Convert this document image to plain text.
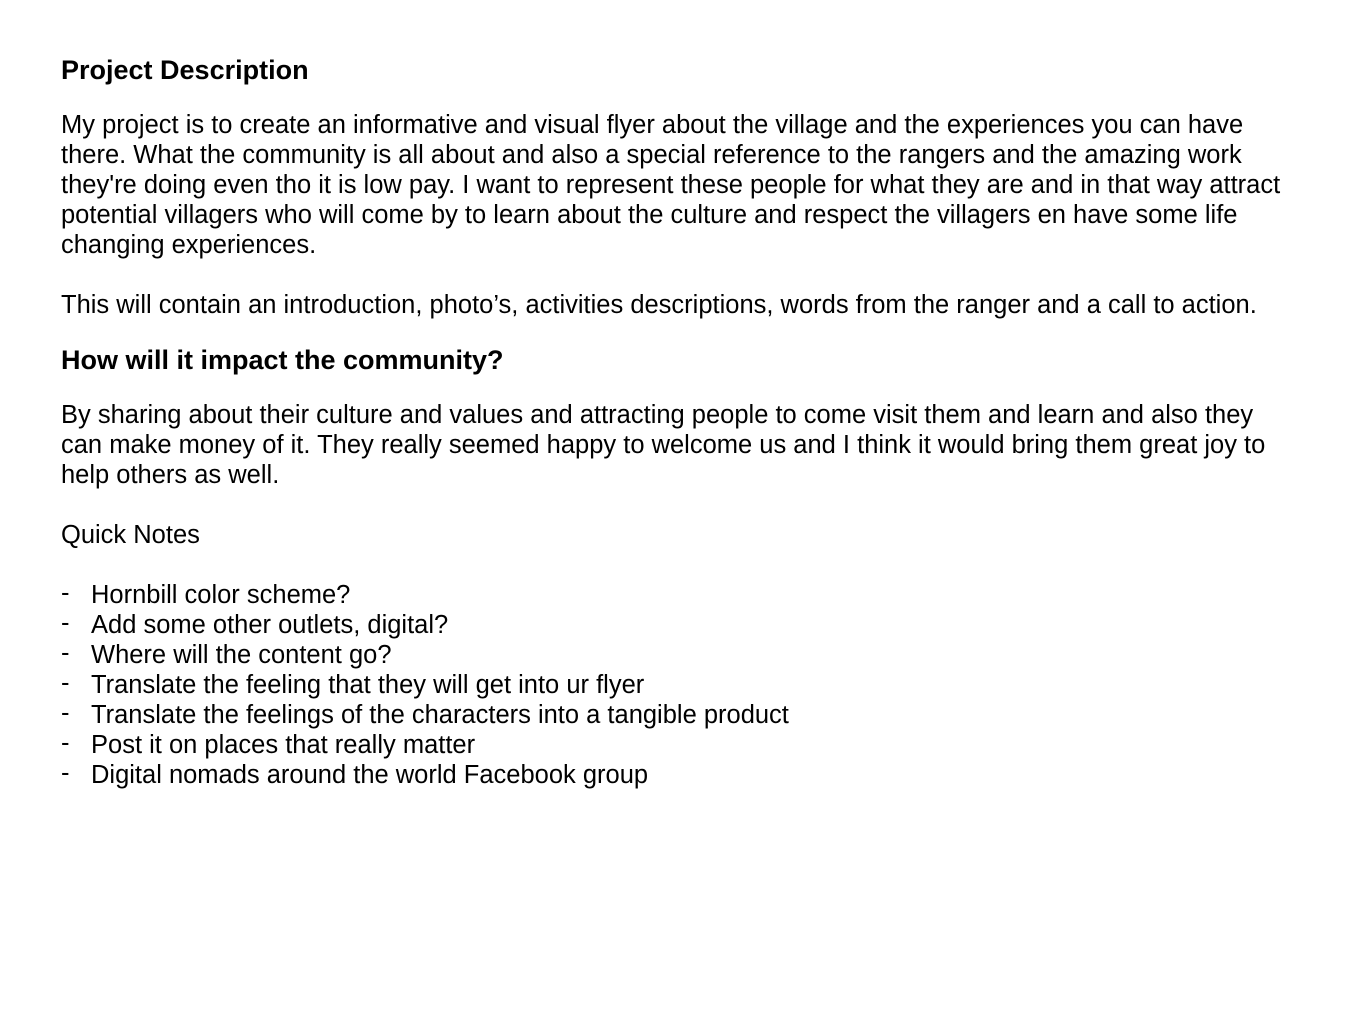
Project Description

My project is to create an informative and visual flyer about the village and the experiences you can have there. What the community is all about and also a special reference to the rangers and the amazing work they're doing even tho it is low pay. I want to represent these people for what they are and in that way attract potential villagers who will come by to learn about the culture and respect the villagers en have some life changing experiences.

This will contain an introduction, photo’s, activities descriptions, words from the ranger and a call to action.

How will it impact the community?

By sharing about their culture and values and attracting people to come visit them and learn and also they can make money of it. They really seemed happy to welcome us and I think it would bring them great joy to help others as well.

Quick Notes

- Hornbill color scheme?
- Add some other outlets, digital?
- Where will the content go?
- Translate the feeling that they will get into ur flyer
- Translate the feelings of the characters into a tangible product
- Post it on places that really matter
- Digital nomads around the world Facebook group
